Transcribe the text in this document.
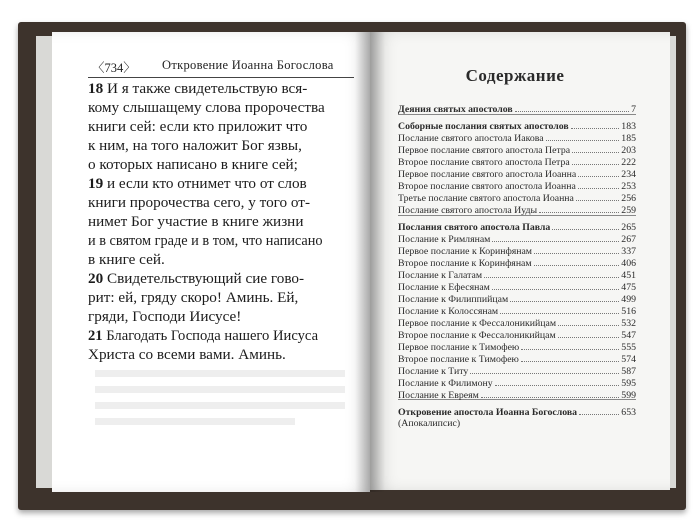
〈 734 〉	Откровение Иоанна Богослова
18 И я также свидетельствую вся-
кому слышащему слова пророчества
книги сей: если кто приложит что
к ним, на того наложит Бог язвы,
о которых написано в книге сей;
19 и если кто отнимет что от слов
книги пророчества сего, у того от-
нимет Бог участие в книге жизни
и в святом граде и в том, что написано
в книге сей.
20 Свидетельствующий сие гово-
рит: ей, гряду скоро! Аминь. Ей,
гряди, Господи Иисусе!
21 Благодать Господа нашего Иисуса
Христа со всеми вами. Аминь.
Содержание
Деяния святых апостолов	7
Соборные послания святых апостолов	183
Послание святого апостола Иакова	185
Первое послание святого апостола Петра	203
Второе послание святого апостола Петра	222
Первое послание святого апостола Иоанна	234
Второе послание святого апостола Иоанна	253
Третье послание святого апостола Иоанна	256
Послание святого апостола Иуды	259
Послания святого апостола Павла	265
Послание к Римлянам	267
Первое послание к Коринфянам	337
Второе послание к Коринфянам	406
Послание к Галатам	451
Послание к Ефесянам	475
Послание к Филиппийцам	499
Послание к Колоссянам	516
Первое послание к Фессалоникийцам	532
Второе послание к Фессалоникийцам	547
Первое послание к Тимофею	555
Второе послание к Тимофею	574
Послание к Титу	587
Послание к Филимону	595
Послание к Евреям	599
Откровение апостола Иоанна Богослова	653
(Апокалипсис)
